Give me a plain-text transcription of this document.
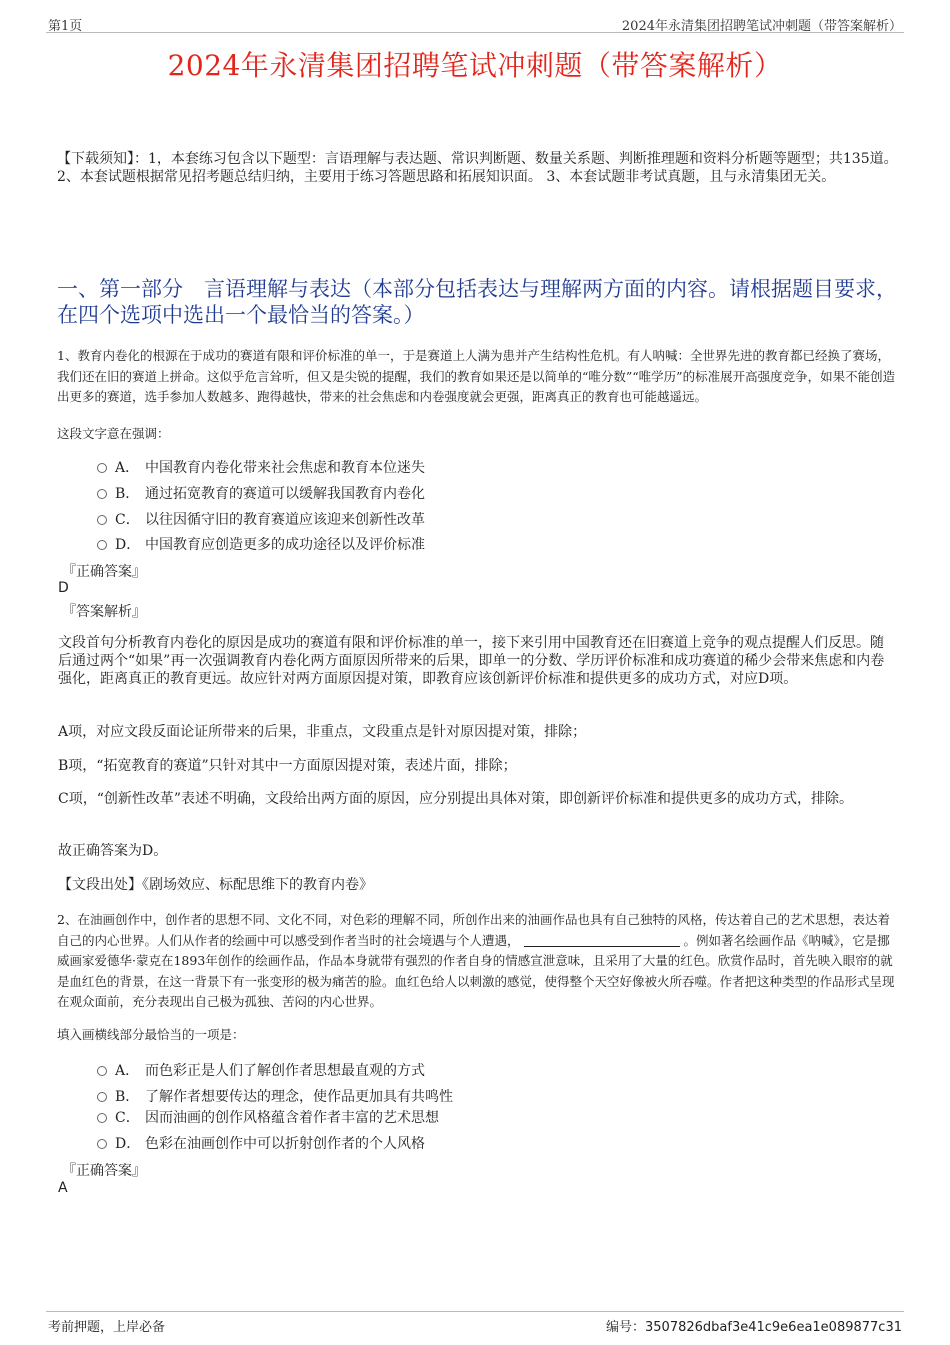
第1页	2024年永清集团招聘笔试冲刺题（带答案解析）
2024年永清集团招聘笔试冲刺题（带答案解析）
【下载须知】：1，本套练习包含以下题型：言语理解与表达题、常识判断题、数量关系题、判断推理题和资料分析题等题型；共135道。 2、本套试题根据常见招考题总结归纳，主要用于练习答题思路和拓展知识面。 3、本套试题非考试真题，且与永清集团无关。
一、第一部分　言语理解与表达（本部分包括表达与理解两方面的内容。请根据题目要求，在四个选项中选出一个最恰当的答案。）

1、教育内卷化的根源在于成功的赛道有限和评价标准的单一，于是赛道上人满为患并产生结构性危机。有人呐喊：全世界先进的教育都已经换了赛场，我们还在旧的赛道上拼命。这似乎危言耸听，但又是尖锐的提醒，我们的教育如果还是以简单的“唯分数”“唯学历”的标准展开高强度竞争，如果不能创造出更多的赛道，选手参加人数越多、跑得越快，带来的社会焦虑和内卷强度就会更强，距离真正的教育也可能越遥远。

这段文字意在强调：
A． 中国教育内卷化带来社会焦虑和教育本位迷失
B． 通过拓宽教育的赛道可以缓解我国教育内卷化
C． 以往因循守旧的教育赛道应该迎来创新性改革
D． 中国教育应创造更多的成功途径以及评价标准
『正确答案』
D
『答案解析』

文段首句分析教育内卷化的原因是成功的赛道有限和评价标准的单一，接下来引用中国教育还在旧赛道上竞争的观点提醒人们反思。随后通过两个“如果”再一次强调教育内卷化两方面原因所带来的后果，即单一的分数、学历评价标准和成功赛道的稀少会带来焦虑和内卷强化，距离真正的教育更远。故应针对两方面原因提对策，即教育应该创新评价标准和提供更多的成功方式，对应D项。

A项，对应文段反面论证所带来的后果，非重点，文段重点是针对原因提对策，排除；

B项，“拓宽教育的赛道”只针对其中一方面原因提对策，表述片面，排除；

C项，“创新性改革”表述不明确，文段给出两方面的原因，应分别提出具体对策，即创新评价标准和提供更多的成功方式，排除。

故正确答案为D。

【文段出处】《剧场效应、标配思维下的教育内卷》

2、在油画创作中，创作者的思想不同、文化不同，对色彩的理解不同，所创作出来的油画作品也具有自己独特的风格，传达着自己的艺术思想，表达着自己的内心世界。人们从作者的绘画中可以感受到作者当时的社会境遇与个人遭遇，	。例如著名绘画作品《呐喊》，它是挪威画家爱德华·蒙克在1893年创作的绘画作品，作品本身就带有强烈的作者自身的情感宣泄意味，且采用了大量的红色。欣赏作品时，首先映入眼帘的就是血红色的背景，在这一背景下有一张变形的极为痛苦的脸。血红色给人以刺激的感觉，使得整个天空好像被火所吞噬。作者把这种类型的作品形式呈现在观众面前，充分表现出自己极为孤独、苦闷的内心世界。

填入画横线部分最恰当的一项是：
A． 而色彩正是人们了解创作者思想最直观的方式
B． 了解作者想要传达的理念，使作品更加具有共鸣性
C． 因而油画的创作风格蕴含着作者丰富的艺术思想
D． 色彩在油画创作中可以折射创作者的个人风格
『正确答案』
A
考前押题，上岸必备	编号：3507826dbaf3e41c9e6ea1e089877c31
